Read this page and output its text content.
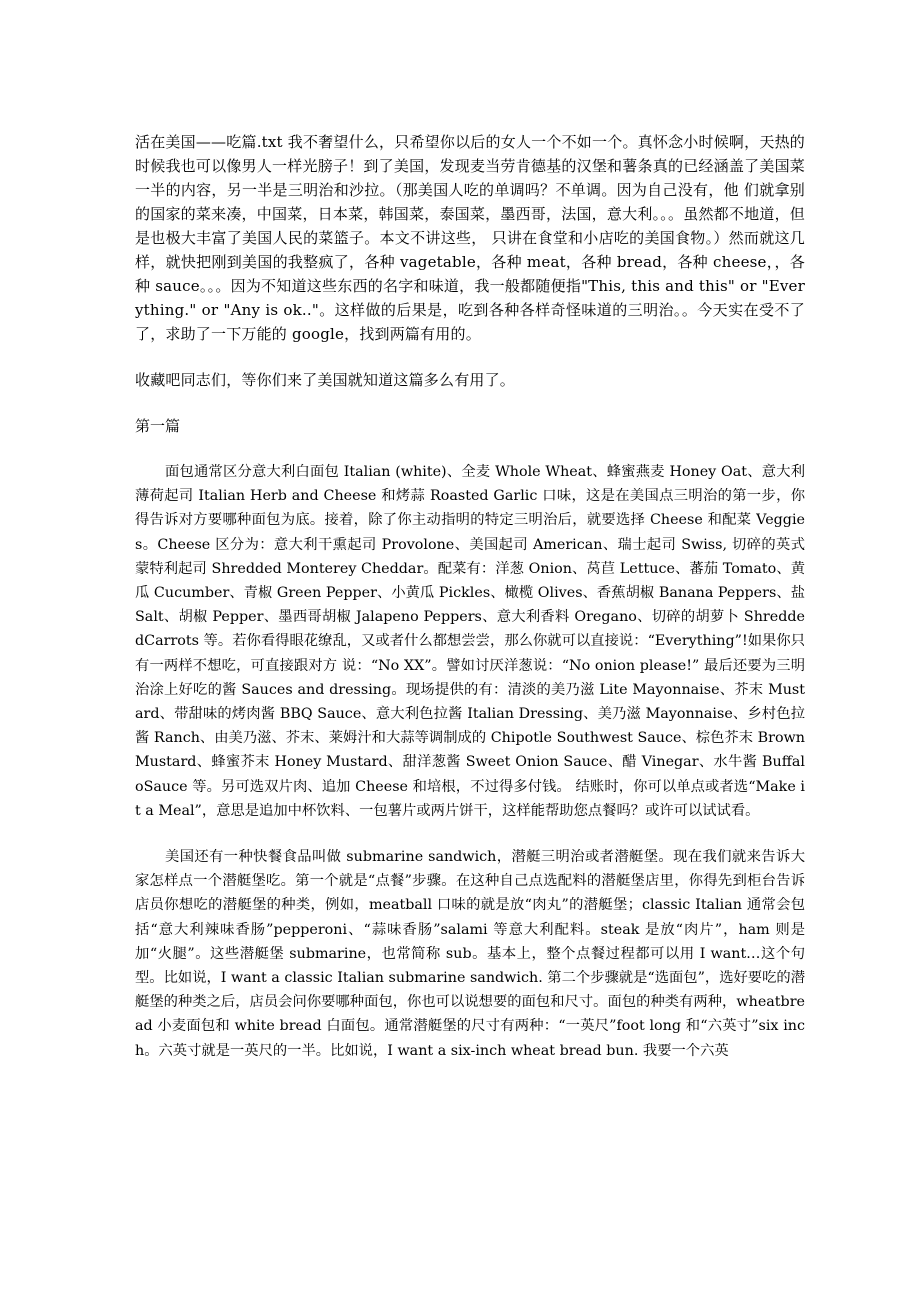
活在美国——吃篇.txt 我不奢望什么，只希望你以后的女人一个不如一个。真怀念小时候啊，天热的时候我也可以像男人一样光膀子！到了美国，发现麦当劳肯德基的汉堡和薯条真的已经涵盖了美国菜一半的内容，另一半是三明治和沙拉。（那美国人吃的单调吗？不单调。因为自己没有，他 们就拿别的国家的菜来凑，中国菜，日本菜，韩国菜，泰国菜，墨西哥，法国，意大利。。。虽然都不地道，但是也极大丰富了美国人民的菜篮子。本文不讲这些， 只讲在食堂和小店吃的美国食物。）然而就这几样，就快把刚到美国的我整疯了，各种 vagetable，各种 meat，各种 bread，各种 cheese，，各种 sauce。。。因为不知道这些东西的名字和味道，我一般都随便指"This, this and this" or "Everything." or "Any is ok.."。这样做的后果是，吃到各种各样奇怪味道的三明治。。今天实在受不了了，求助了一下万能的 google，找到两篇有用的。

收藏吧同志们，等你们来了美国就知道这篇多么有用了。

第一篇

面包通常区分意大利白面包 Italian (white)、全麦 Whole Wheat、蜂蜜燕麦 Honey Oat、意大利薄荷起司 Italian Herb and Cheese 和烤蒜 Roasted Garlic 口味，这是在美国点三明治的第一步，你得告诉对方要哪种面包为底。接着，除了你主动指明的特定三明治后，就要选择 Cheese 和配菜 Veggies。Cheese 区分为：意大利干熏起司 Provolone、美国起司 American、瑞士起司 Swiss, 切碎的英式蒙特利起司 Shredded Monterey Cheddar。配菜有：洋葱 Onion、莴苣 Lettuce、蕃茄 Tomato、黄瓜 Cucumber、青椒 Green Pepper、小黄瓜 Pickles、橄榄 Olives、香蕉胡椒 Banana Peppers、盐 Salt、胡椒 Pepper、墨西哥胡椒 Jalapeno Peppers、意大利香料 Oregano、切碎的胡萝卜 ShreddedCarrots 等。若你看得眼花缭乱，又或者什么都想尝尝，那么你就可以直接说：“Everything”!如果你只有一两样不想吃，可直接跟对方 说：“No XX”。譬如讨厌洋葱说：“No onion please!” 最后还要为三明治涂上好吃的酱 Sauces and dressing。现场提供的有：清淡的美乃滋 Lite Mayonnaise、芥末 Mustard、带甜味的烤肉酱 BBQ Sauce、意大利色拉酱 Italian Dressing、美乃滋 Mayonnaise、乡村色拉酱 Ranch、由美乃滋、芥末、莱姆汁和大蒜等调制成的 Chipotle Southwest Sauce、棕色芥末 Brown Mustard、蜂蜜芥末 Honey Mustard、甜洋葱酱 Sweet Onion Sauce、醋 Vinegar、水牛酱 BuffaloSauce 等。另可选双片肉、追加 Cheese 和培根，不过得多付钱。 结账时，你可以单点或者选“Make it a Meal”，意思是追加中杯饮料、一包薯片或两片饼干，这样能帮助您点餐吗？或许可以试试看。

美国还有一种快餐食品叫做 submarine sandwich，潜艇三明治或者潜艇堡。现在我们就来告诉大家怎样点一个潜艇堡吃。第一个就是“点餐”步骤。在这种自己点选配料的潜艇堡店里，你得先到柜台告诉店员你想吃的潜艇堡的种类，例如，meatball 口味的就是放“肉丸”的潜艇堡；classic Italian 通常会包括“意大利辣味香肠”pepperoni、“蒜味香肠”salami 等意大利配料。steak 是放“肉片”，ham 则是加“火腿”。这些潜艇堡 submarine，也常简称 sub。基本上，整个点餐过程都可以用 I want…这个句型。比如说，I want a classic Italian submarine sandwich. 第二个步骤就是“选面包”，选好要吃的潜艇堡的种类之后，店员会问你要哪种面包，你也可以说想要的面包和尺寸。面包的种类有两种，wheatbread 小麦面包和 white bread 白面包。通常潜艇堡的尺寸有两种：“一英尺”foot long 和“六英寸”six inch。六英寸就是一英尺的一半。比如说，I want a six-inch wheat bread bun. 我要一个六英
